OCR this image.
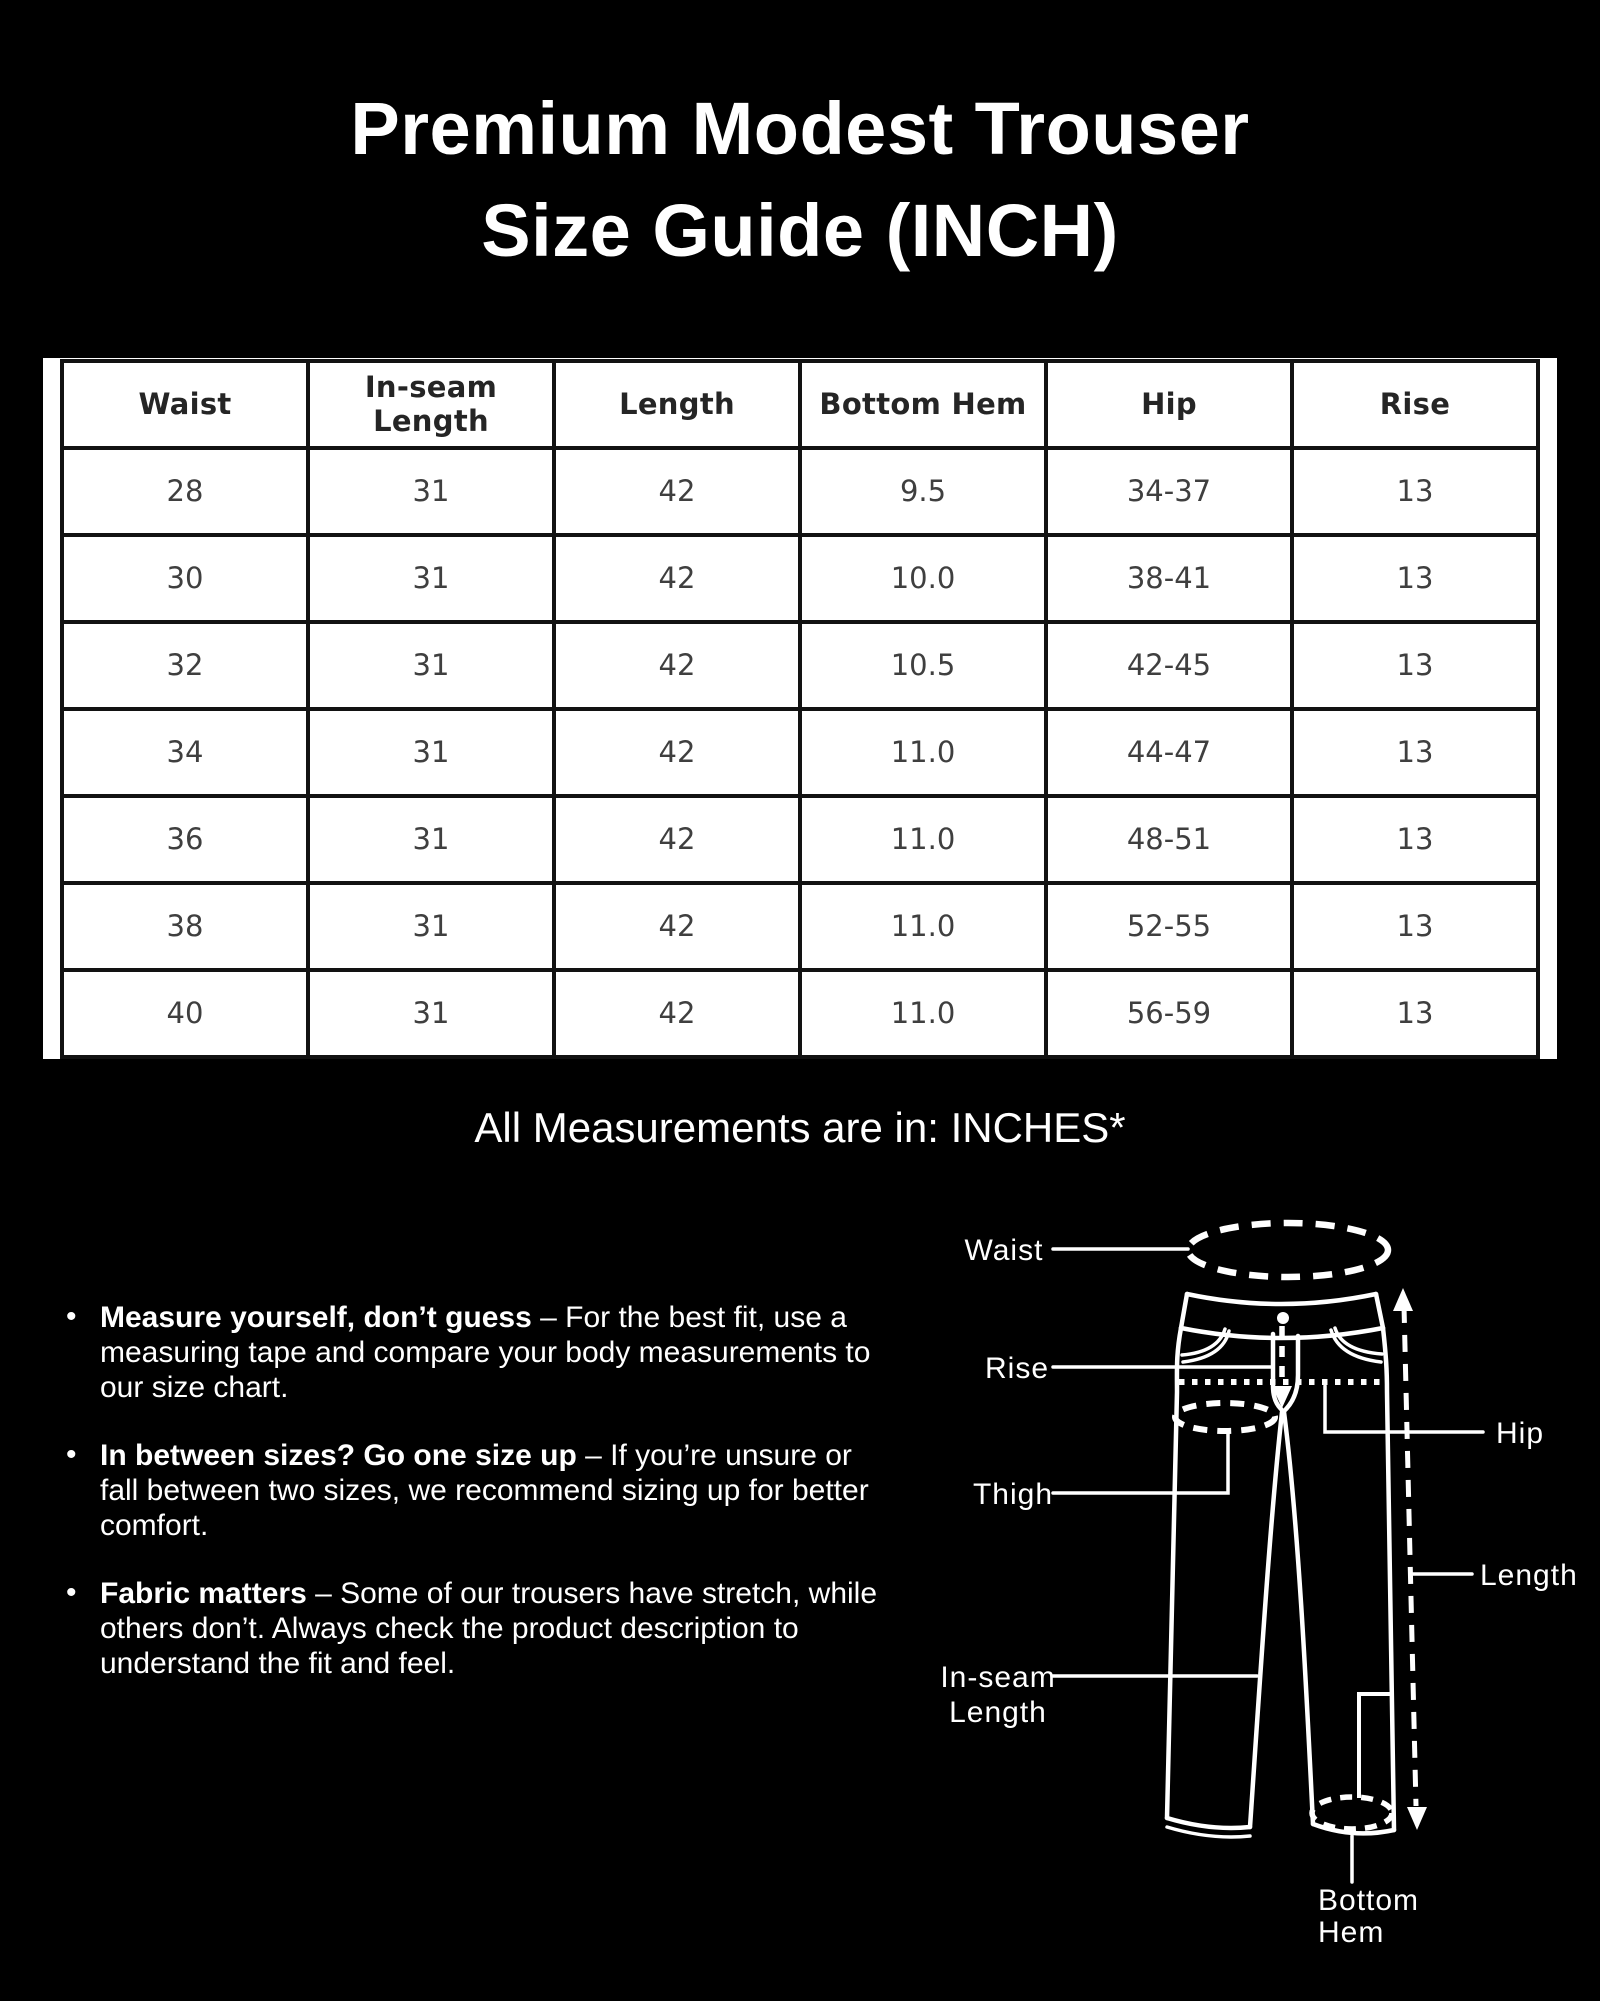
Premium Modest Trouser
Size Guide (INCH)
Waist	In-seam Length	Length	Bottom Hem	Hip	Rise
28	31	42	9.5	34-37	13
30	31	42	10.0	38-41	13
32	31	42	10.5	42-45	13
34	31	42	11.0	44-47	13
36	31	42	11.0	48-51	13
38	31	42	11.0	52-55	13
40	31	42	11.0	56-59	13
All Measurements are in: INCHES*
• Measure yourself, don’t guess – For the best fit, use a measuring tape and compare your body measurements to our size chart.
• In between sizes? Go one size up – If you’re unsure or fall between two sizes, we recommend sizing up for better comfort.
• Fabric matters – Some of our trousers have stretch, while others don’t. Always check the product description to understand the fit and feel.
Waist
Rise
Hip
Thigh
Length
In-seam
Length
Bottom
Hem
